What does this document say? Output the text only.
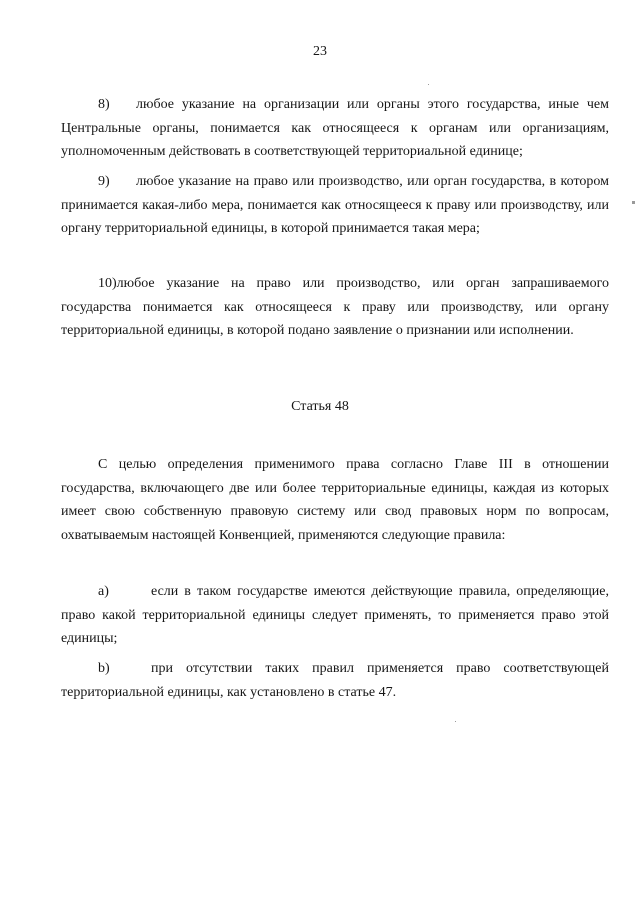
23

8) любое указание на организации или органы этого государства, иные чем Центральные органы, понимается как относящееся к органам или организациям, уполномоченным действовать в соответствующей территориальной единице;

9) любое указание на право или производство, или орган государства, в котором принимается какая-либо мера, понимается как относящееся к праву или производству, или органу территориальной единицы, в которой принимается такая мера;

10)любое указание на право или производство, или орган запрашиваемого государства понимается как относящееся к праву или производству, или органу территориальной единицы, в которой подано заявление о признании или исполнении.

Статья 48

С целью определения применимого права согласно Главе III в отношении государства, включающего две или более территориальные единицы, каждая из которых имеет свою собственную правовую систему или свод правовых норм по вопросам, охватываемым настоящей Конвенцией, применяются следующие правила:

a)	если в таком государстве имеются действующие правила, определяющие, право какой территориальной единицы следует применять, то применяется право этой единицы;

b)	при отсутствии таких правил применяется право соответствующей территориальной единицы, как установлено в статье 47.
